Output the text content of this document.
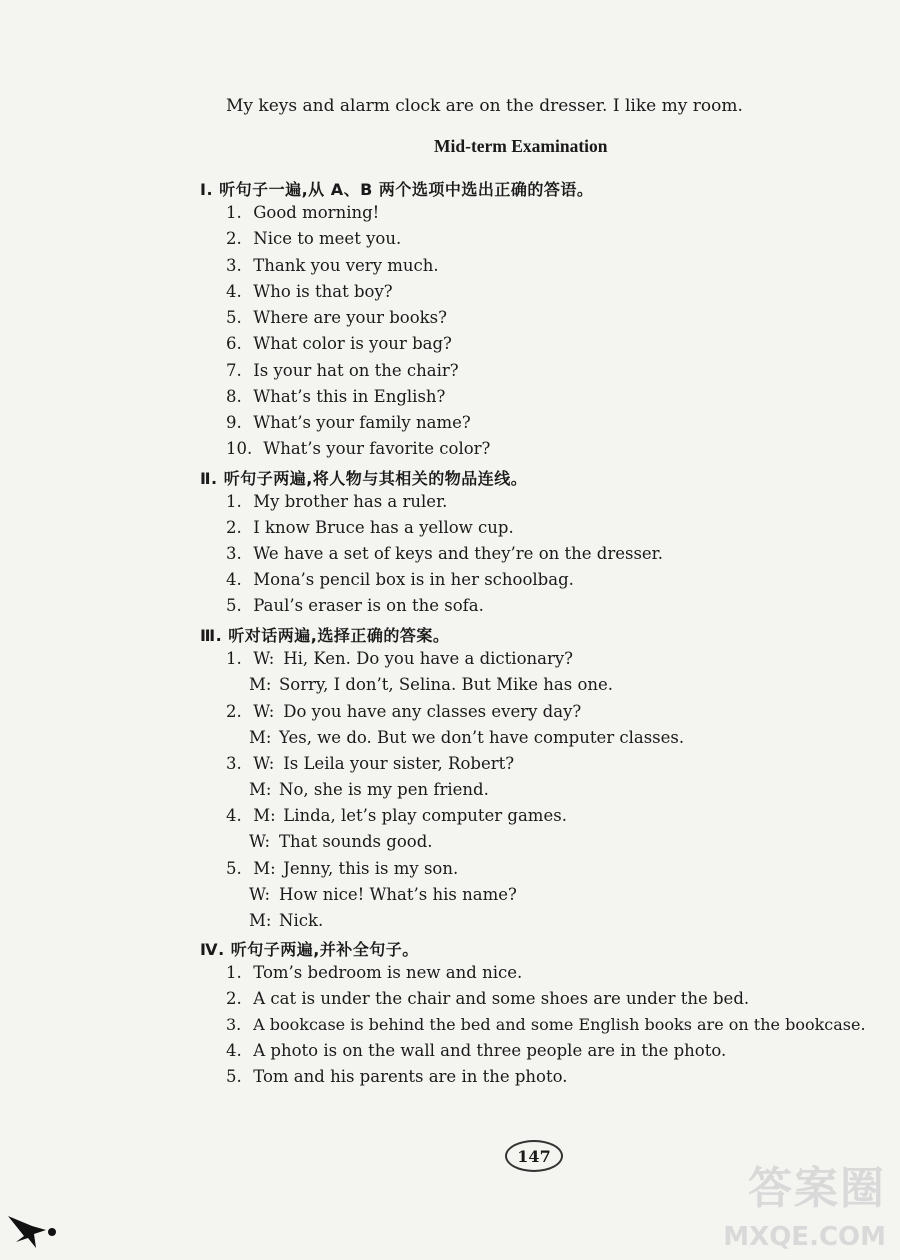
My keys and alarm clock are on the dresser. I like my room.
Mid-term Examination
Ⅰ. 听句子一遍,从 A、B 两个选项中选出正确的答语。
1. Good morning!
2. Nice to meet you.
3. Thank you very much.
4. Who is that boy?
5. Where are your books?
6. What color is your bag?
7. Is your hat on the chair?
8. What’s this in English?
9. What’s your family name?
10. What’s your favorite color?
Ⅱ. 听句子两遍,将人物与其相关的物品连线。
1. My brother has a ruler.
2. I know Bruce has a yellow cup.
3. We have a set of keys and they’re on the dresser.
4. Mona’s pencil box is in her schoolbag.
5. Paul’s eraser is on the sofa.
Ⅲ. 听对话两遍,选择正确的答案。
1. W: Hi, Ken. Do you have a dictionary?
M: Sorry, I don’t, Selina. But Mike has one.
2. W: Do you have any classes every day?
M: Yes, we do. But we don’t have computer classes.
3. W: Is Leila your sister, Robert?
M: No, she is my pen friend.
4. M: Linda, let’s play computer games.
W: That sounds good.
5. M: Jenny, this is my son.
W: How nice! What’s his name?
M: Nick.
Ⅳ. 听句子两遍,并补全句子。
1. Tom’s bedroom is new and nice.
2. A cat is under the chair and some shoes are under the bed.
3. A bookcase is behind the bed and some English books are on the bookcase.
4. A photo is on the wall and three people are in the photo.
5. Tom and his parents are in the photo.
147
答案圈
MXQE.COM
